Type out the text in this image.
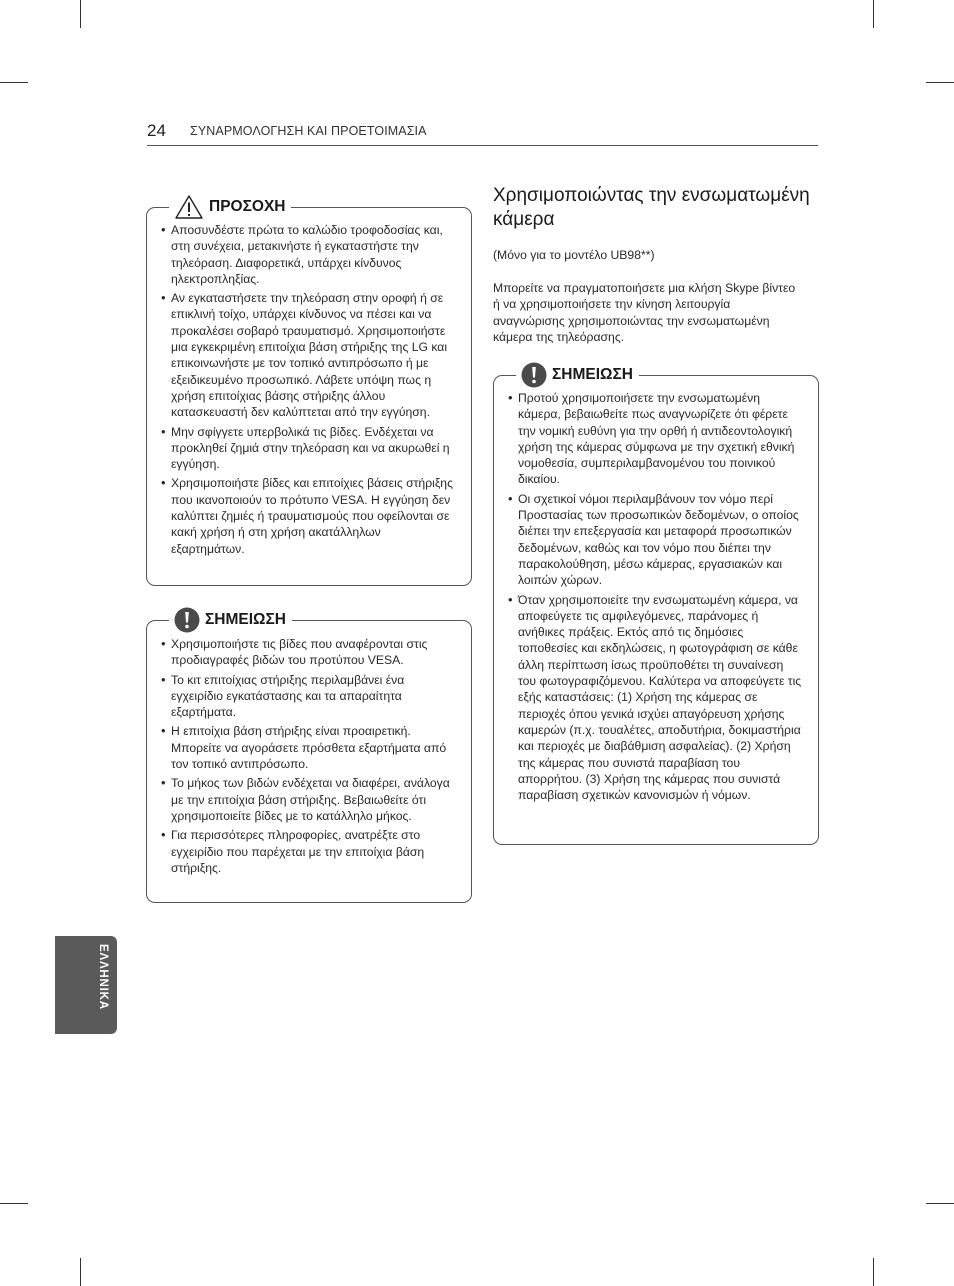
24 ΣΥΝΑΡΜΟΛΟΓΗΣΗ ΚΑΙ ΠΡΟΕΤΟΙΜΑΣΙΑ
ΠΡΟΣΟΧΗ
• Αποσυνδέστε πρώτα το καλώδιο τροφοδοσίας και, στη συνέχεια, μετακινήστε ή εγκαταστήστε την τηλεόραση. Διαφορετικά, υπάρχει κίνδυνος ηλεκτροπληξίας.
• Αν εγκαταστήσετε την τηλεόραση στην οροφή ή σε επικλινή τοίχο, υπάρχει κίνδυνος να πέσει και να προκαλέσει σοβαρό τραυματισμό. Χρησιμοποιήστε μια εγκεκριμένη επιτοίχια βάση στήριξης της LG και επικοινωνήστε με τον τοπικό αντιπρόσωπο ή με εξειδικευμένο προσωπικό. Λάβετε υπόψη πως η χρήση επιτοίχιας βάσης στήριξης άλλου κατασκευαστή δεν καλύπτεται από την εγγύηση.
• Μην σφίγγετε υπερβολικά τις βίδες. Ενδέχεται να προκληθεί ζημιά στην τηλεόραση και να ακυρωθεί η εγγύηση.
• Χρησιμοποιήστε βίδες και επιτοίχιες βάσεις στήριξης που ικανοποιούν το πρότυπο VESA. Η εγγύηση δεν καλύπτει ζημιές ή τραυματισμούς που οφείλονται σε κακή χρήση ή στη χρήση ακατάλληλων εξαρτημάτων.
ΣΗΜΕΙΩΣΗ
• Χρησιμοποιήστε τις βίδες που αναφέρονται στις προδιαγραφές βιδών του προτύπου VESA.
• Το κιτ επιτοίχιας στήριξης περιλαμβάνει ένα εγχειρίδιο εγκατάστασης και τα απαραίτητα εξαρτήματα.
• Η επιτοίχια βάση στήριξης είναι προαιρετική. Μπορείτε να αγοράσετε πρόσθετα εξαρτήματα από τον τοπικό αντιπρόσωπο.
• Το μήκος των βιδών ενδέχεται να διαφέρει, ανάλογα με την επιτοίχια βάση στήριξης. Βεβαιωθείτε ότι χρησιμοποιείτε βίδες με το κατάλληλο μήκος.
• Για περισσότερες πληροφορίες, ανατρέξτε στο εγχειρίδιο που παρέχεται με την επιτοίχια βάση στήριξης.
Χρησιμοποιώντας την ενσωματωμένη κάμερα
(Μόνο για το μοντέλο UB98**)

Μπορείτε να πραγματοποιήσετε μια κλήση Skype βίντεο ή να χρησιμοποιήσετε την κίνηση λειτουργία αναγνώρισης χρησιμοποιώντας την ενσωματωμένη κάμερα της τηλεόρασης.

ΣΗΜΕΙΩΣΗ
• Προτού χρησιμοποιήσετε την ενσωματωμένη κάμερα, βεβαιωθείτε πως αναγνωρίζετε ότι φέρετε την νομική ευθύνη για την ορθή ή αντιδεοντολογική χρήση της κάμερας σύμφωνα με την σχετική εθνική νομοθεσία, συμπεριλαμβανομένου του ποινικού δικαίου.
• Οι σχετικοί νόμοι περιλαμβάνουν τον νόμο περί Προστασίας των προσωπικών δεδομένων, ο οποίος διέπει την επεξεργασία και μεταφορά προσωπικών δεδομένων, καθώς και τον νόμο που διέπει την παρακολούθηση, μέσω κάμερας, εργασιακών και λοιπών χώρων.
• Όταν χρησιμοποιείτε την ενσωματωμένη κάμερα, να αποφεύγετε τις αμφιλεγόμενες, παράνομες ή ανήθικες πράξεις. Εκτός από τις δημόσιες τοποθεσίες και εκδηλώσεις, η φωτογράφιση σε κάθε άλλη περίπτωση ίσως προϋποθέτει τη συναίνεση του φωτογραφιζόμενου. Καλύτερα να αποφεύγετε τις εξής καταστάσεις: (1) Χρήση της κάμερας σε περιοχές όπου γενικά ισχύει απαγόρευση χρήσης καμερών (π.χ. τουαλέτες, αποδυτήρια, δοκιμαστήρια και περιοχές με διαβάθμιση ασφαλείας). (2) Χρήση της κάμερας που συνιστά παραβίαση του απορρήτου. (3) Χρήση της κάμερας που συνιστά παραβίαση σχετικών κανονισμών ή νόμων.
ΕΛΛΗΝΙΚΑ
